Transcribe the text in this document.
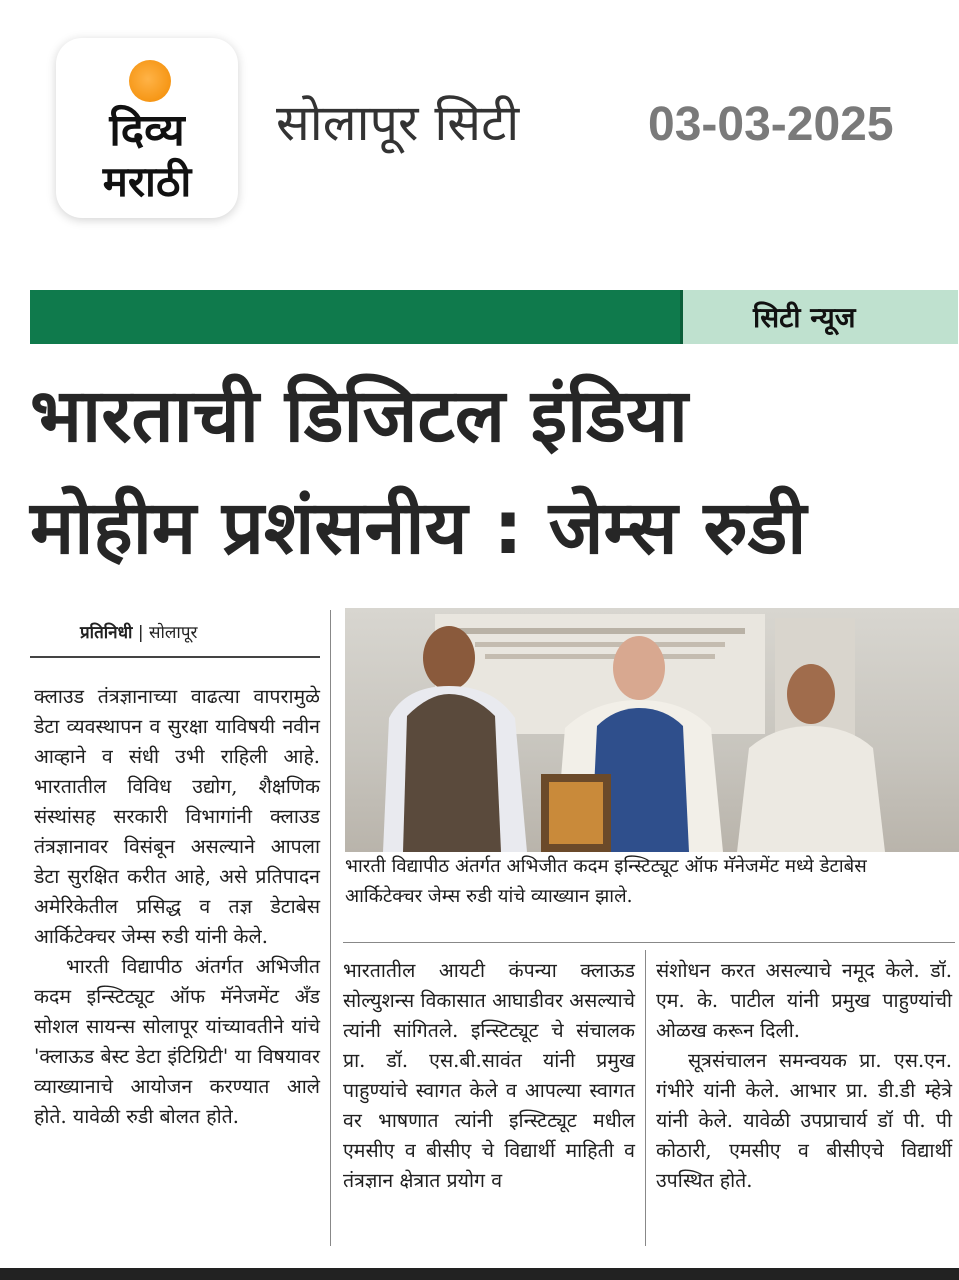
दिव्य
मराठी
सोलापूर सिटी	03-03-2025
सिटी न्यूज
भारताची डिजिटल इंडिया
मोहीम प्रशंसनीय : जेम्स रुडी
प्रतिनिधी | सोलापूर

क्लाउड तंत्रज्ञानाच्या वाढत्या वापरामुळे डेटा व्यवस्थापन व सुरक्षा याविषयी नवीन आव्हाने व संधी उभी राहिली आहे. भारतातील विविध उद्योग, शैक्षणिक संस्थांसह सरकारी विभागांनी क्लाउड तंत्रज्ञानावर विसंबून असल्याने आपला डेटा सुरक्षित करीत आहे, असे प्रतिपादन अमेरिकेतील प्रसिद्ध व तज्ञ डेटाबेस आर्किटेक्चर जेम्स रुडी यांनी केले.

भारती विद्यापीठ अंतर्गत अभिजीत कदम इन्स्टिट्यूट ऑफ मॅनेजमेंट अँड सोशल सायन्स सोलापूर यांच्यावतीने यांचे 'क्लाऊड बेस्ट डेटा इंटिग्रिटी' या विषयावर व्याख्यानाचे आयोजन करण्यात आले होते. यावेळी रुडी बोलत होते.

भारती विद्यापीठ अंतर्गत अभिजीत कदम इन्स्टिट्यूट ऑफ मॅनेजमेंट मध्ये डेटाबेस आर्किटेक्चर जेम्स रुडी यांचे व्याख्यान झाले.

भारतातील आयटी कंपन्या क्लाऊड सोल्युशन्स विकासात आघाडीवर असल्याचे त्यांनी सांगितले. इन्स्टिट्यूट चे संचालक प्रा. डॉ. एस.बी.सावंत यांनी प्रमुख पाहुण्यांचे स्वागत केले व आपल्या स्वागत वर भाषणात त्यांनी इन्स्टिट्यूट मधील एमसीए व बीसीए चे विद्यार्थी माहिती व तंत्रज्ञान क्षेत्रात प्रयोग व

संशोधन करत असल्याचे नमूद केले. डॉ. एम. के. पाटील यांनी प्रमुख पाहुण्यांची ओळख करून दिली.

सूत्रसंचालन समन्वयक प्रा. एस.एन. गंभीरे यांनी केले. आभार प्रा. डी.डी म्हेत्रे यांनी केले. यावेळी उपप्राचार्य डॉ पी. पी कोठारी, एमसीए व बीसीएचे विद्यार्थी उपस्थित होते.
